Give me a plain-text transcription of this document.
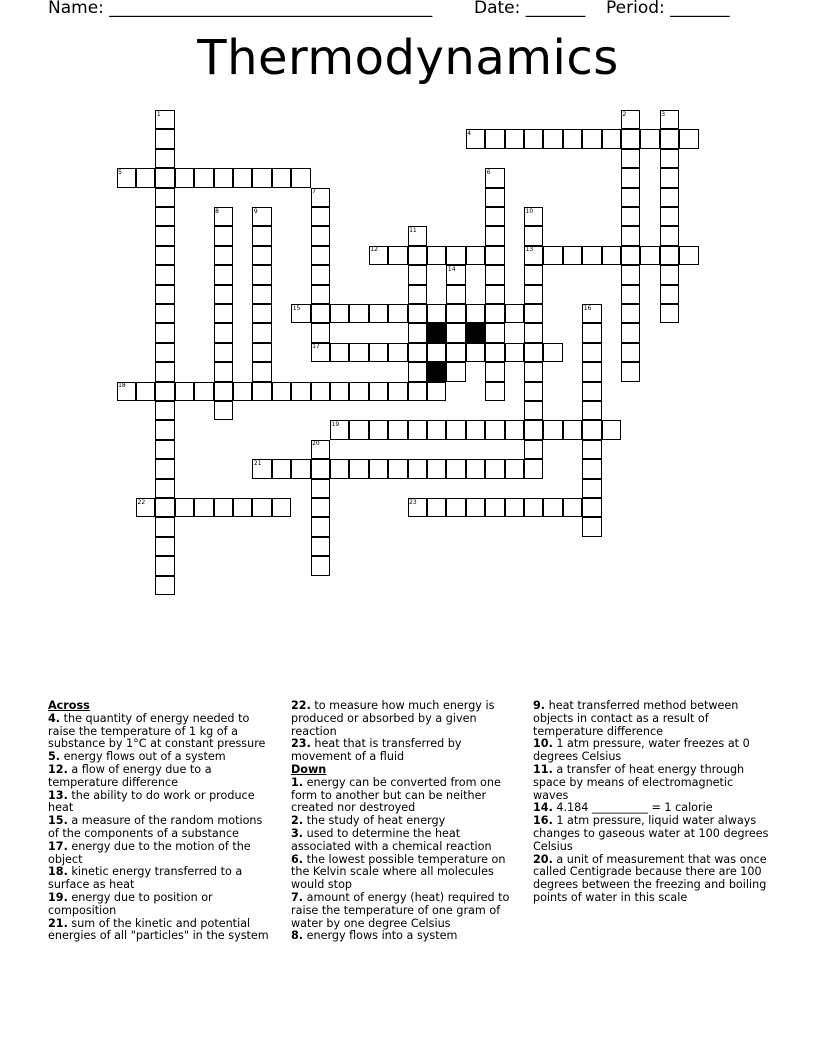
Name: ______________________________________ Date: _______ Period: _______
Thermodynamics
1	2	3
4
5	6
7
8	9	10
11
12	13
14
15	16
17
18
19
20
21
22	23

Across

4. the quantity of energy needed to raise the temperature of 1 kg of a substance by 1°C at constant pressure

5. energy flows out of a system

12. a flow of energy due to a temperature difference

13. the ability to do work or produce heat

15. a measure of the random motions of the components of a substance

17. energy due to the motion of the object

18. kinetic energy transferred to a surface as heat

19. energy due to position or composition

21. sum of the kinetic and potential energies of all "particles" in the system

22. to measure how much energy is produced or absorbed by a given reaction

23. heat that is transferred by movement of a fluid

Down

1. energy can be converted from one form to another but can be neither created nor destroyed

2. the study of heat energy

3. used to determine the heat associated with a chemical reaction

6. the lowest possible temperature on the Kelvin scale where all molecules would stop

7. amount of energy (heat) required to raise the temperature of one gram of water by one degree Celsius

8. energy flows into a system

9. heat transferred method between objects in contact as a result of temperature difference

10. 1 atm pressure, water freezes at 0 degrees Celsius

11. a transfer of heat energy through space by means of electromagnetic waves

14. 4.184 __________ = 1 calorie

16. 1 atm pressure, liquid water always changes to gaseous water at 100 degrees Celsius

20. a unit of measurement that was once called Centigrade because there are 100 degrees between the freezing and boiling points of water in this scale
